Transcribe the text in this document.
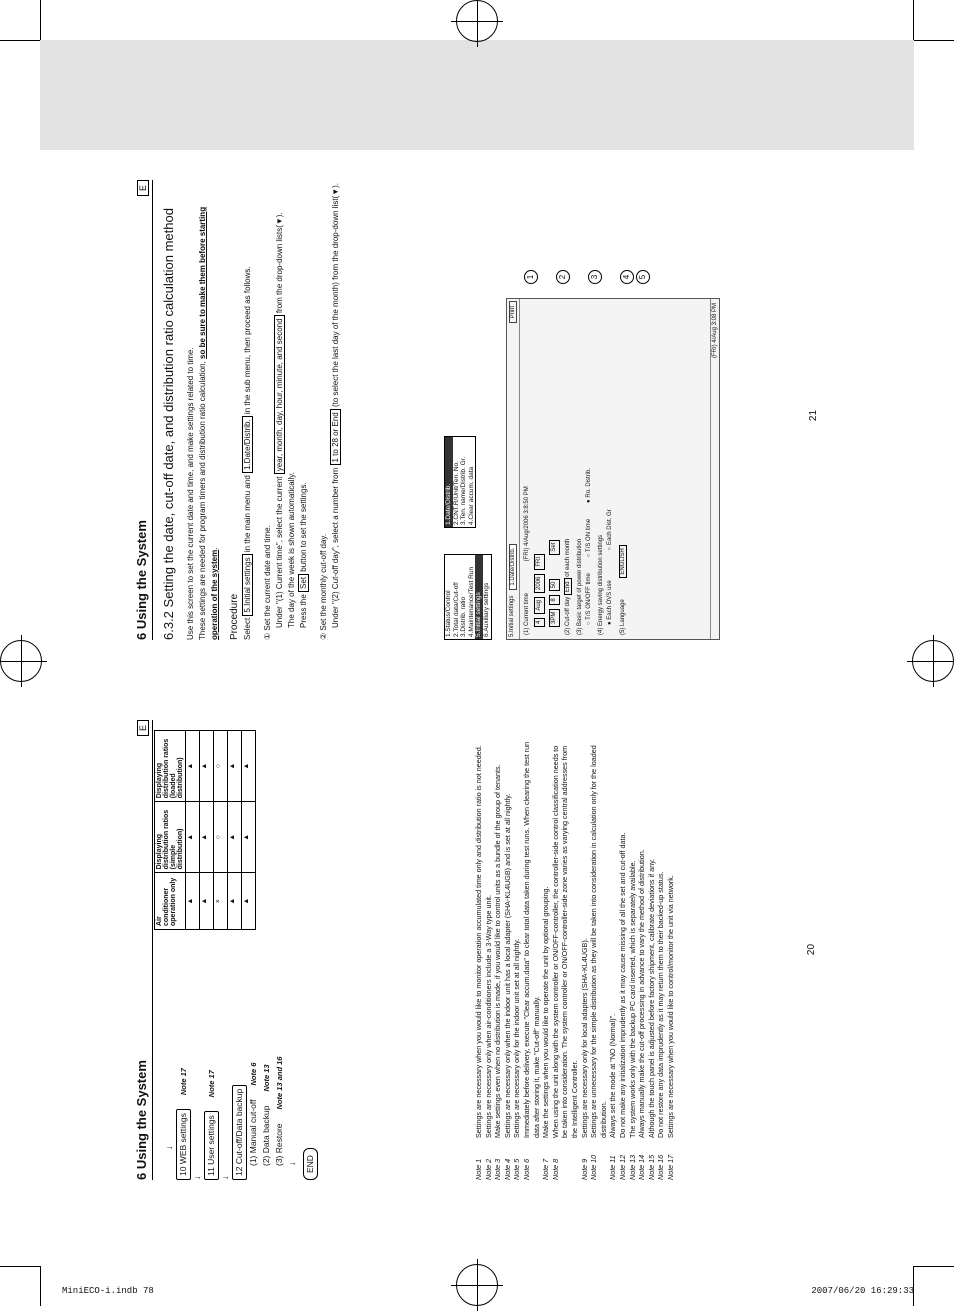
MiniECO-i.indb 78	2007/06/20 16:29:33
20
21
6 Using the System
E
↓ 10 WEB settingsNote 17
↓
11 User settingsNote 17
↓
12 Cut-off/Data backup (1) Manual cut-offNote 6
(2) Data backupNote 13
(3) RestoreNote 13 and 16
↓ END
Air conditioner operation only	Displaying distribution ratios (simple distribution)	Displaying distribution ratios (loaded distribution)
▲	▲	▲
▲	▲	▲
×	○	○
▲	▲	▲
▲	▲	▲
Note 1
Settings are necessary when you would like to monitor operation accumulated time only and distribution ratio is not needed.
Note 2
Settings are necessary only when air-conditioners include a 3-Way type unit.
Note 3
Make settings even when no distribution is made, if you would like to control units as a bundle of the group of tenants.
Note 4
Settings are necessary only when the indoor unit has a local adapter (SHA-KL4UGB) and is set at all nightly.
Note 5
Settings are necessary only for the indoor unit set at all nightly.
Note 6
Immediately before delivery, execute "Clear accum.data" to clear total data taken during test runs. When clearing the test run data after storing it, make "Cut-off" manually.
Note 7
Make the settings when you would like to operate the unit by optional grouping.
Note 8
When using the unit along with the system controller or ON/OFF-controller, the controller-side control classification needs to be taken into consideration. The system controller or ON/OFF-controller-side zone varies as varying central addresses from the Intelligent Controller.
Note 9
Settings are necessary only for local adapters (SHA-KL4UGB).
Note 10
Settings are unnecessary for the simple distribution as they will be taken into consideration in calculation only for the loaded distribution.
Note 11
Always set the mode at "NO (Normal)".
Note 12
Do not make any initialization imprudently as it may cause missing of all the set and cut-off data.
Note 13
The system works only with the backup PC card inserted, which is separately available.
Note 14
Always manually make the cut-off processing in advance to vary the method of distribution.
Note 15
Although the touch panel is adjusted before factory shipment, calibrate deviations if any.
Note 16
Do not restore any data imprudently as it may return them to their backed-up status.
Note 17
Settings are necessary when you would like to control/monitor the unit via network.
6 Using the System
E
6.3.2 Setting the date, cut-off date, and distribution ratio calculation method Use this screen to set the current date and time, and make settings related to time. These settings are needed for program timers and distribution ratio calculation, so be sure to make them before starting operation of the system.
Procedure Select 5.Initial settings in the main menu and 1.Date/Distrib. in the sub menu, then proceed as follows.
① Set the current date and time. Under "(1) Current time", select the current year, month, day, hour, minute, and second from the drop-down lists(▼).
The day of the week is shown automatically. Press the Set button to set the settings.
② Set the monthly cut-off day. Under "(2) Cut-off day", select a number from 1 to 28 or End (to select the last day of the month) from the drop-down list(▼).
1.Status/Control 2.Total data/Cut-off 3.Distrib. ratio 4.Maintenance/Test Run 5.Initial settings 6.Auxiliary settings
1.Date/Distrib. 2.CNT.R/Unit/Ten. No. 3.Ten. name/Distrib. Gr. 4.Clear accum. data
5.Initial settings
1.Date/Distrib.
Print
(1) Current time (FRI) 4/Aug/2006 3:8:50 PM
4
Aug
2006
FRI
3PM
8
50
Set
(2) Cut-off day End of each month	(3) Basic target of power distribution ○ T/S ON/OFF time
○ T/S ON time
● Ro. Distrib.
(4) Energy saving distribution settings ● Each OVS use
○ Each Dist. Gr
(5) Language ENGLISH
(FRI) 4/Aug 3:08 PM
1	2	3	4 5
